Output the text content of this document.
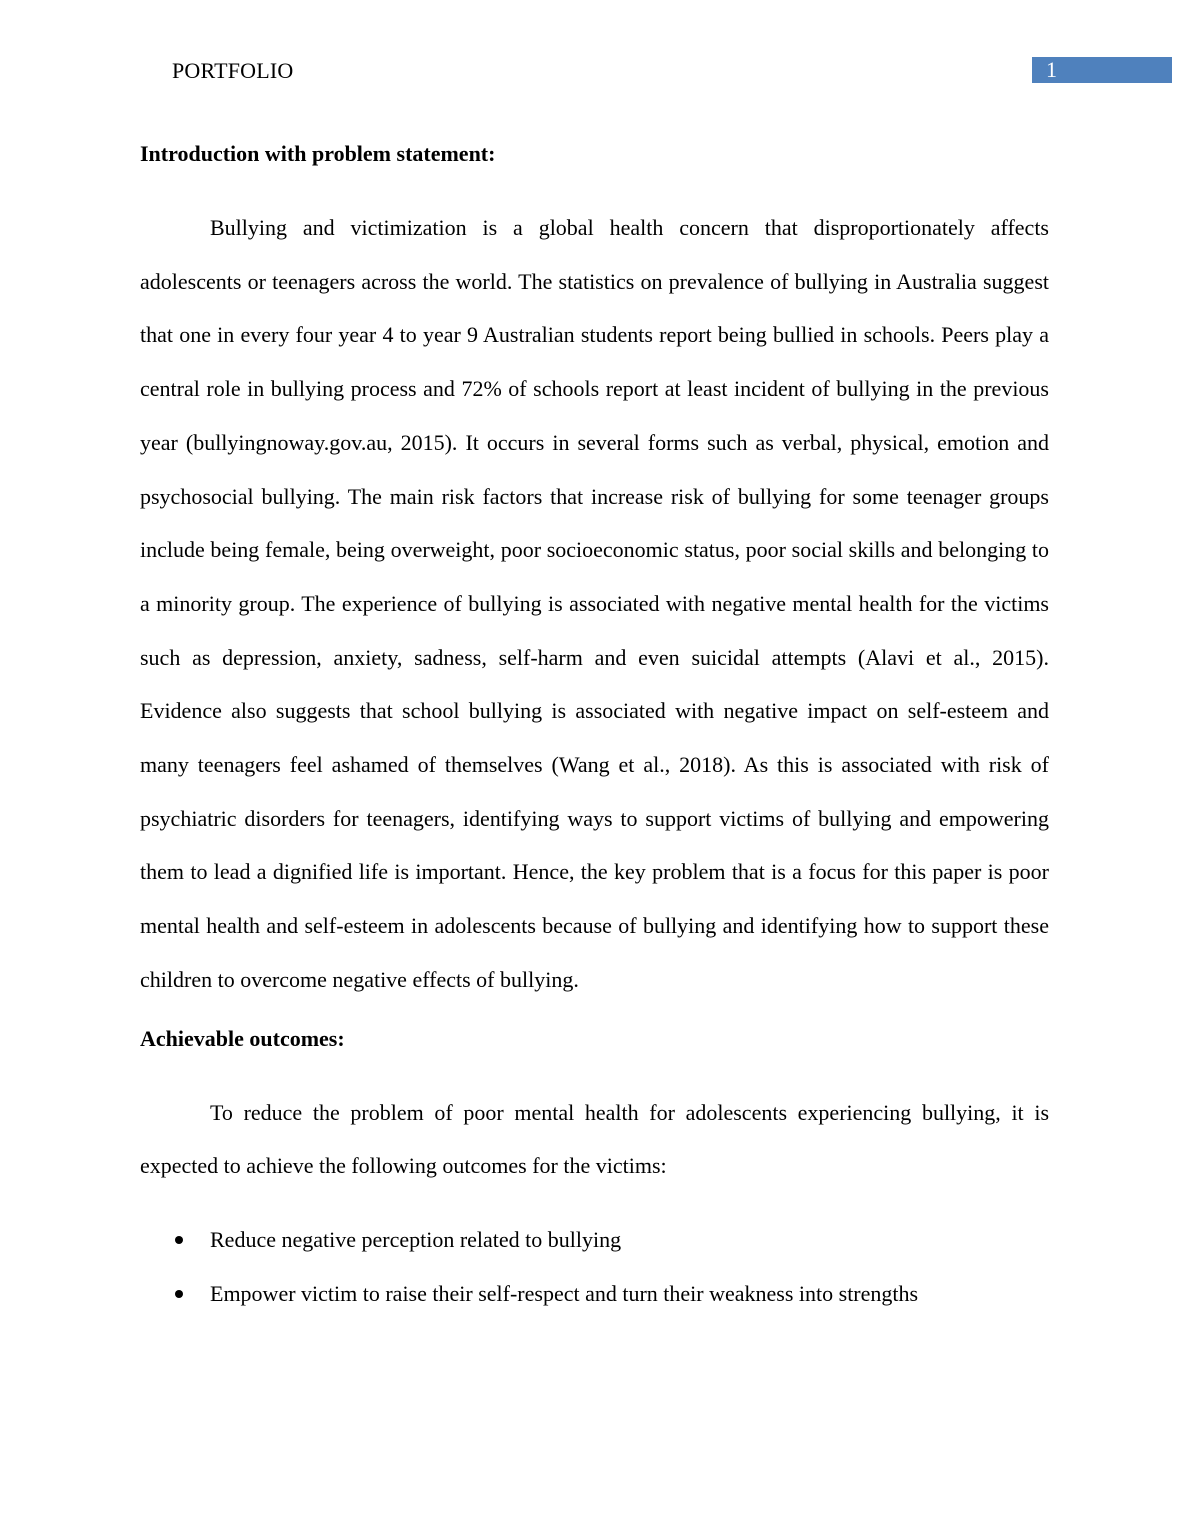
PORTFOLIO	1

Introduction with problem statement:

Bullying and victimization is a global health concern that disproportionately affects adolescents or teenagers across the world. The statistics on prevalence of bullying in Australia suggest that one in every four year 4 to year 9 Australian students report being bullied in schools. Peers play a central role in bullying process and 72% of schools report at least incident of bullying in the previous year (bullyingnoway.gov.au, 2015). It occurs in several forms such as verbal, physical, emotion and psychosocial bullying. The main risk factors that increase risk of bullying for some teenager groups include being female, being overweight, poor socioeconomic status, poor social skills and belonging to a minority group. The experience of bullying is associated with negative mental health for the victims such as depression, anxiety, sadness, self-harm and even suicidal attempts (Alavi et al., 2015). Evidence also suggests that school bullying is associated with negative impact on self-esteem and many teenagers feel ashamed of themselves (Wang et al., 2018). As this is associated with risk of psychiatric disorders for teenagers, identifying ways to support victims of bullying and empowering them to lead a dignified life is important. Hence, the key problem that is a focus for this paper is poor mental health and self-esteem in adolescents because of bullying and identifying how to support these children to overcome negative effects of bullying.

Achievable outcomes:

To reduce the problem of poor mental health for adolescents experiencing bullying, it is expected to achieve the following outcomes for the victims:

Reduce negative perception related to bullying
Empower victim to raise their self-respect and turn their weakness into strengths
